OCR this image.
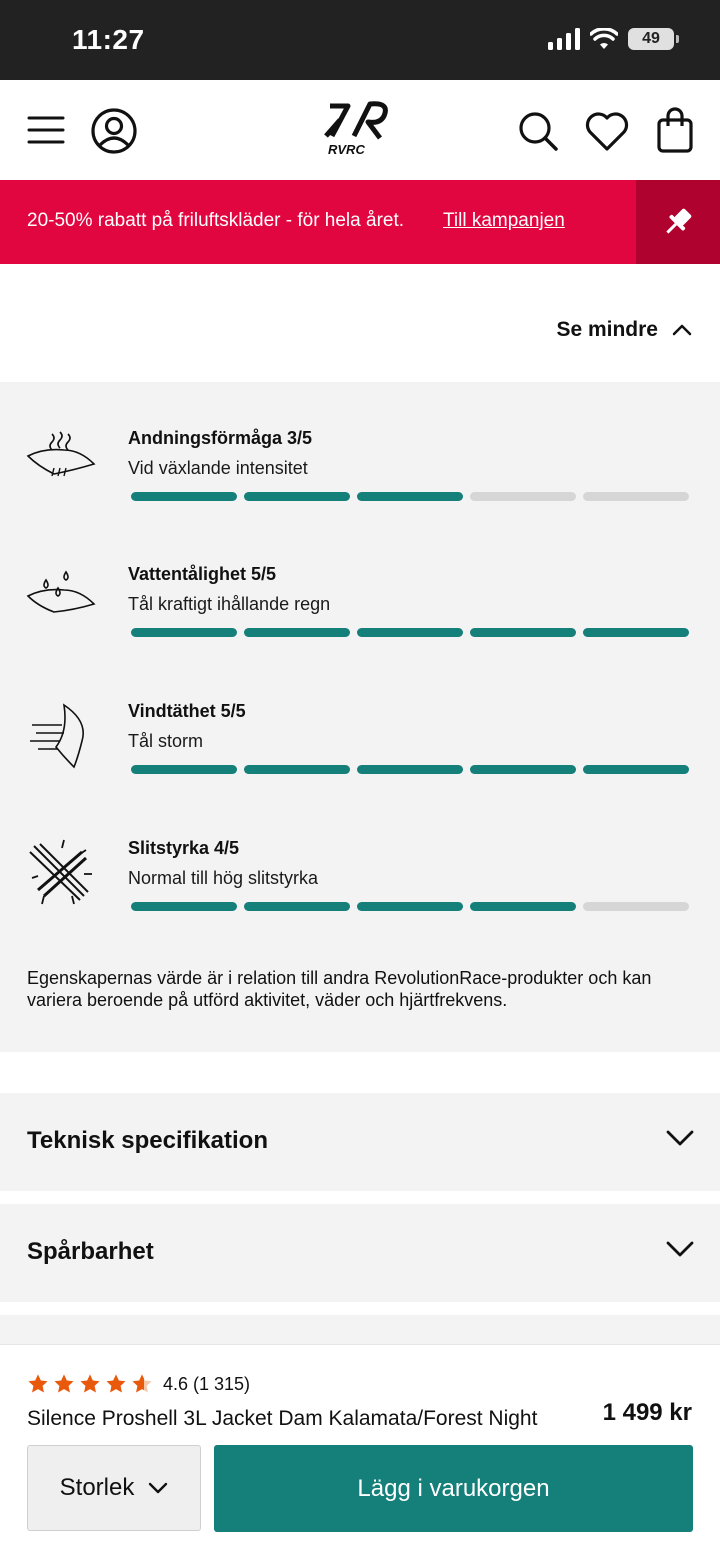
11:27	49
RVRC
20-50% rabatt på friluftskläder - för hela året. Till kampanjen
Se mindre
Andningsförmåga 3/5
Vid växlande intensitet
Vattentålighet 5/5
Tål kraftigt ihållande regn
Vindtäthet 5/5
Tål storm
Slitstyrka 4/5
Normal till hög slitstyrka
Egenskapernas värde är i relation till andra RevolutionRace-produkter och kan variera beroende på utförd aktivitet, väder och hjärtfrekvens.
Teknisk specifikation
Spårbarhet
4.6 (1 315)
Silence Proshell 3L Jacket Dam Kalamata/Forest Night	1 499 kr
Storlek	Lägg i varukorgen
